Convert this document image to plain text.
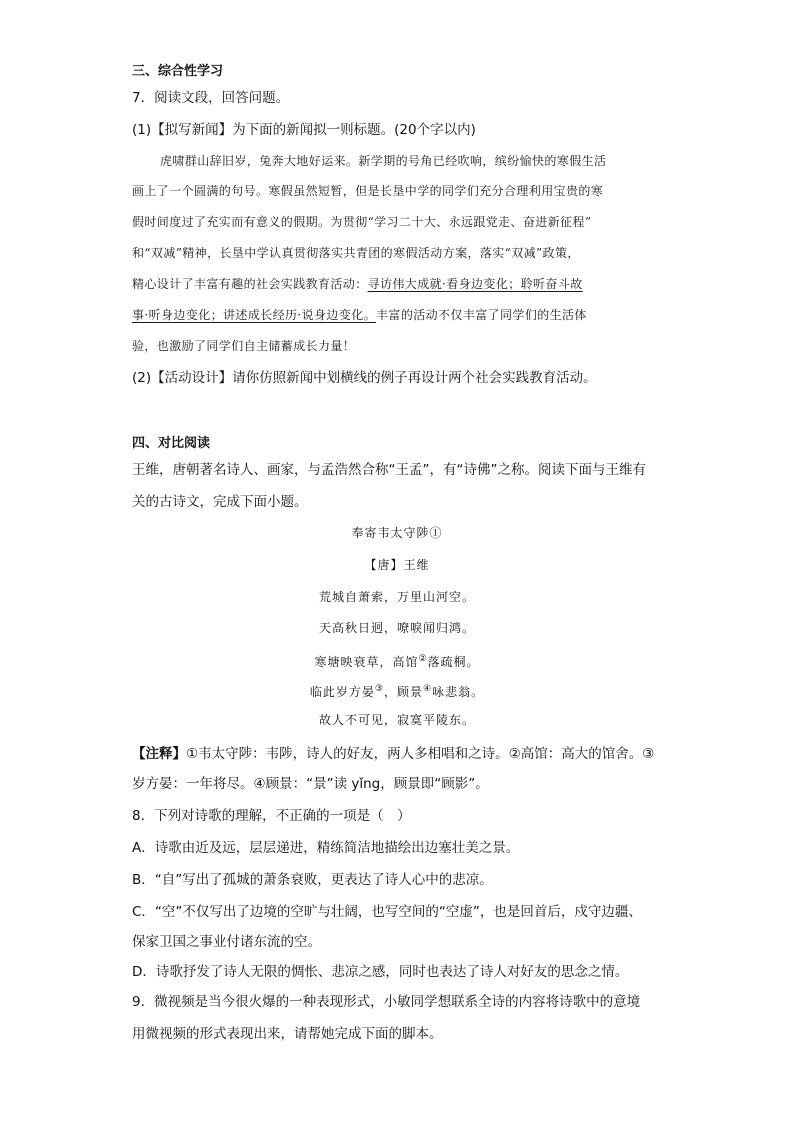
三、综合性学习
7．阅读文段，回答问题。
(1)【拟写新闻】为下面的新闻拟一则标题。(20个字以内)
虎啸群山辞旧岁，兔奔大地好运来。新学期的号角已经吹响，缤纷愉快的寒假生活
画上了一个圆满的句号。寒假虽然短暂，但是长垦中学的同学们充分合理利用宝贵的寒
假时间度过了充实而有意义的假期。为贯彻“学习二十大、永远跟党走、奋进新征程”
和“双减”精神，长垦中学认真贯彻落实共青团的寒假活动方案，落实“双减”政策，
精心设计了丰富有趣的社会实践教育活动：寻访伟大成就·看身边变化；聆听奋斗故
事·听身边变化；讲述成长经历·说身边变化。丰富的活动不仅丰富了同学们的生活体
验，也激励了同学们自主储蓄成长力量！
(2)【活动设计】请你仿照新闻中划横线的例子再设计两个社会实践教育活动。
四、对比阅读
王维，唐朝著名诗人、画家，与孟浩然合称“王孟”，有“诗佛”之称。阅读下面与王维有
关的古诗文，完成下面小题。
奉寄韦太守陟①
【唐】王维
荒城自萧索，万里山河空。
天高秋日迥，嘹唳闻归鸿。
寒塘映衰草，高馆②落疏桐。
临此岁方晏③，顾景④咏悲翁。
故人不可见，寂寞平陵东。
【注释】①韦太守陟：韦陟，诗人的好友，两人多相唱和之诗。②高馆：高大的馆舍。③
岁方晏：一年将尽。④顾景：“景”读 yǐng，顾景即“顾影”。
8．下列对诗歌的理解，不正确的一项是（　）
A．诗歌由近及远，层层递进，精练简洁地描绘出边塞壮美之景。
B．“自”写出了孤城的萧条衰败，更表达了诗人心中的悲凉。
C．“空”不仅写出了边境的空旷与壮阔，也写空间的“空虚”，也是回首后，戍守边疆、
保家卫国之事业付诸东流的空。
D．诗歌抒发了诗人无限的惆怅、悲凉之感，同时也表达了诗人对好友的思念之情。
9．微视频是当今很火爆的一种表现形式，小敏同学想联系全诗的内容将诗歌中的意境
用微视频的形式表现出来，请帮她完成下面的脚本。
